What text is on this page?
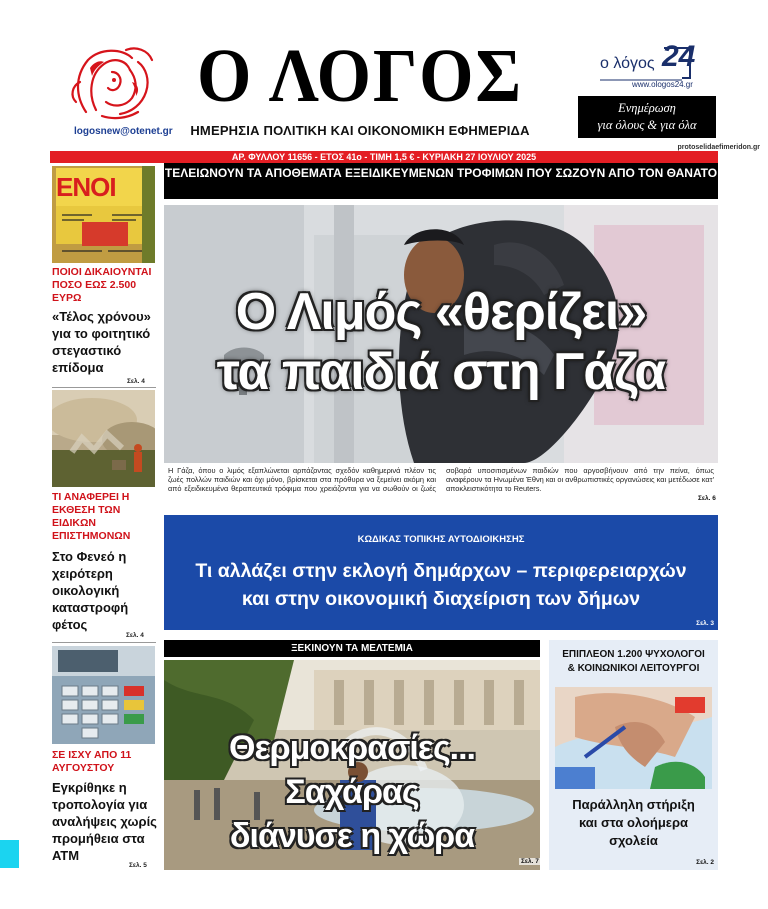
logosnew@otenet.gr
Ο ΛΟΓΟΣ
ΗΜΕΡΗΣΙΑ ΠΟΛΙΤΙΚΗ ΚΑΙ ΟΙΚΟΝΟΜΙΚΗ ΕΦΗΜΕΡΙΔΑ
ο λόγος 24
www.ologos24.gr
Ενημέρωση
για όλους & για όλα
protoselidaefimeridon.gr
ΑΡ. ΦΥΛΛΟΥ 11656 - ΕΤΟΣ 41ο - ΤΙΜΗ 1,5 € - ΚΥΡΙΑΚΗ 27 ΙΟΥΛΙΟΥ 2025
ΕΝΟΙ
ΠΟΙΟΙ ΔΙΚΑΙΟΥΝΤΑΙ ΠΟΣΟ ΕΩΣ 2.500 ΕΥΡΩ
«Τέλος χρόνου» για το φοιτητικό στεγαστικό επίδομα
Σελ. 4
ΤΙ ΑΝΑΦΕΡΕΙ Η ΕΚΘΕΣΗ ΤΩΝ ΕΙΔΙΚΩΝ ΕΠΙΣΤΗΜΟΝΩΝ
Στο Φενεό η χειρότερη οικολογική καταστροφή φέτος
Σελ. 4
ΣΕ ΙΣΧΥ ΑΠΟ 11 ΑΥΓΟΥΣΤΟΥ
Εγκρίθηκε η τροπολογία για αναλήψεις χωρίς προμήθεια στα ΑΤΜ
Σελ. 5
ΤΕΛΕΙΩΝΟΥΝ ΤΑ ΑΠΟΘΕΜΑΤΑ ΕΞΕΙΔΙΚΕΥΜΕΝΩΝ ΤΡΟΦΙΜΩΝ ΠΟΥ ΣΩΖΟΥΝ ΑΠΟ ΤΟΝ ΘΑΝΑΤΟ
Ο Λιμός «θερίζει»
τα παιδιά στη Γάζα
Η Γάζα, όπου ο λιμός εξαπλώνεται αρπάζοντας σχεδόν καθημερινά πλέον τις ζωές πολλών παιδιών και όχι μόνο, βρίσκεται στα πρόθυρα να ξεμείνει ακόμη και από εξειδικευμένα θεραπευτικά τρόφιμα που χρειάζονται για να σωθούν οι ζωές σοβαρά υποσιτισμένων παιδιών που αργοσβήνουν από την πείνα, όπως αναφέρουν τα Ηνωμένα Έθνη και οι ανθρωπιστικές οργανώσεις και μετέδωσε κατ' αποκλειστικότητα το Reuters.
Σελ. 6
ΚΩΔΙΚΑΣ ΤΟΠΙΚΗΣ ΑΥΤΟΔΙΟΙΚΗΣΗΣ
Τι αλλάζει στην εκλογή δημάρχων – περιφερειαρχών
και στην οικονομική διαχείριση των δήμων
Σελ. 3
ΞΕΚΙΝΟΥΝ ΤΑ ΜΕΛΤΕΜΙΑ
Θερμοκρασίες... Σαχάρας
διάνυσε η χώρα
Σελ. 7
ΕΠΙΠΛΕΟΝ 1.200 ΨΥΧΟΛΟΓΟΙ
& ΚΟΙΝΩΝΙΚΟΙ ΛΕΙΤΟΥΡΓΟΙ
Παράλληλη στήριξη
και στα ολοήμερα
σχολεία
Σελ. 2
